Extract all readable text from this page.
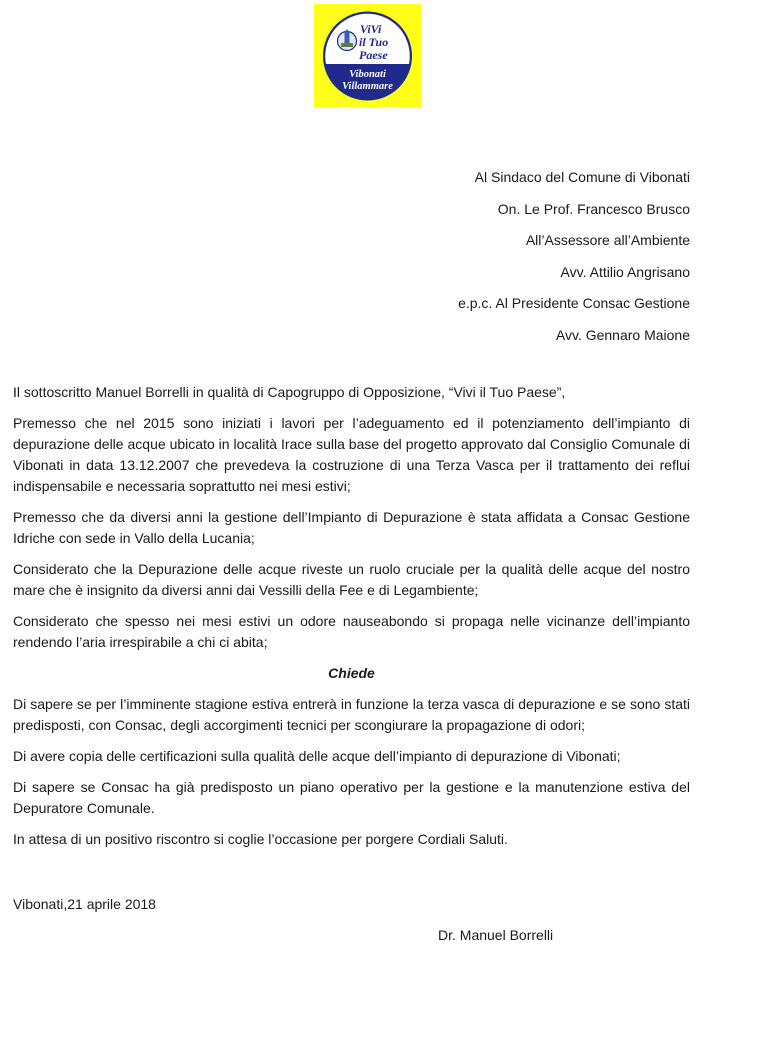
ViVi
il Tuo
Paese
Vibonati
Villammare
Al Sindaco del Comune di Vibonati
On. Le Prof. Francesco Brusco
All’Assessore all’Ambiente
Avv. Attilio Angrisano
e.p.c. Al Presidente Consac Gestione
Avv. Gennaro Maione

Il sottoscritto Manuel Borrelli in qualità di Capogruppo di Opposizione, “Vivi il Tuo Paese”,

Premesso che nel 2015 sono iniziati i lavori per l’adeguamento ed il potenziamento dell’impianto di depurazione delle acque ubicato in località Irace sulla base del progetto approvato dal Consiglio Comunale di Vibonati in data 13.12.2007 che prevedeva la costruzione di una Terza Vasca per il trattamento dei reflui indispensabile e necessaria soprattutto nei mesi estivi;

Premesso che da diversi anni la gestione dell’Impianto di Depurazione è stata affidata a Consac Gestione Idriche con sede in Vallo della Lucania;

Considerato che la Depurazione delle acque riveste un ruolo cruciale per la qualità delle acque del nostro mare che è insignito da diversi anni dai Vessilli della Fee e di Legambiente;

Considerato che spesso nei mesi estivi un odore nauseabondo si propaga nelle vicinanze dell’impianto rendendo l’aria irrespirabile a chi ci abita;

Chiede

Di sapere se per l’imminente stagione estiva entrerà in funzione la terza vasca di depurazione e se sono stati predisposti, con Consac, degli accorgimenti tecnici per scongiurare la propagazione di odori;

Di avere copia delle certificazioni sulla qualità delle acque dell’impianto di depurazione di Vibonati;

Di sapere se Consac ha già predisposto un piano operativo per la gestione e la manutenzione estiva del Depuratore Comunale.

In attesa di un positivo riscontro si coglie l’occasione per porgere Cordiali Saluti.

Vibonati,21 aprile 2018
Dr. Manuel Borrelli
